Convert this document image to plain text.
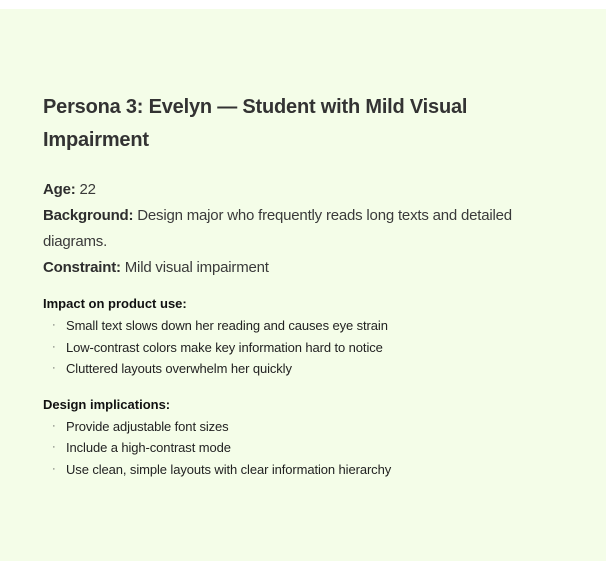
Persona 3: Evelyn — Student with Mild Visual Impairment
Age: 22
Background: Design major who frequently reads long texts and detailed diagrams.
Constraint: Mild visual impairment
Impact on product use:
· Small text slows down her reading and causes eye strain
· Low-contrast colors make key information hard to notice
· Cluttered layouts overwhelm her quickly
Design implications:
· Provide adjustable font sizes
· Include a high-contrast mode
· Use clean, simple layouts with clear information hierarchy
